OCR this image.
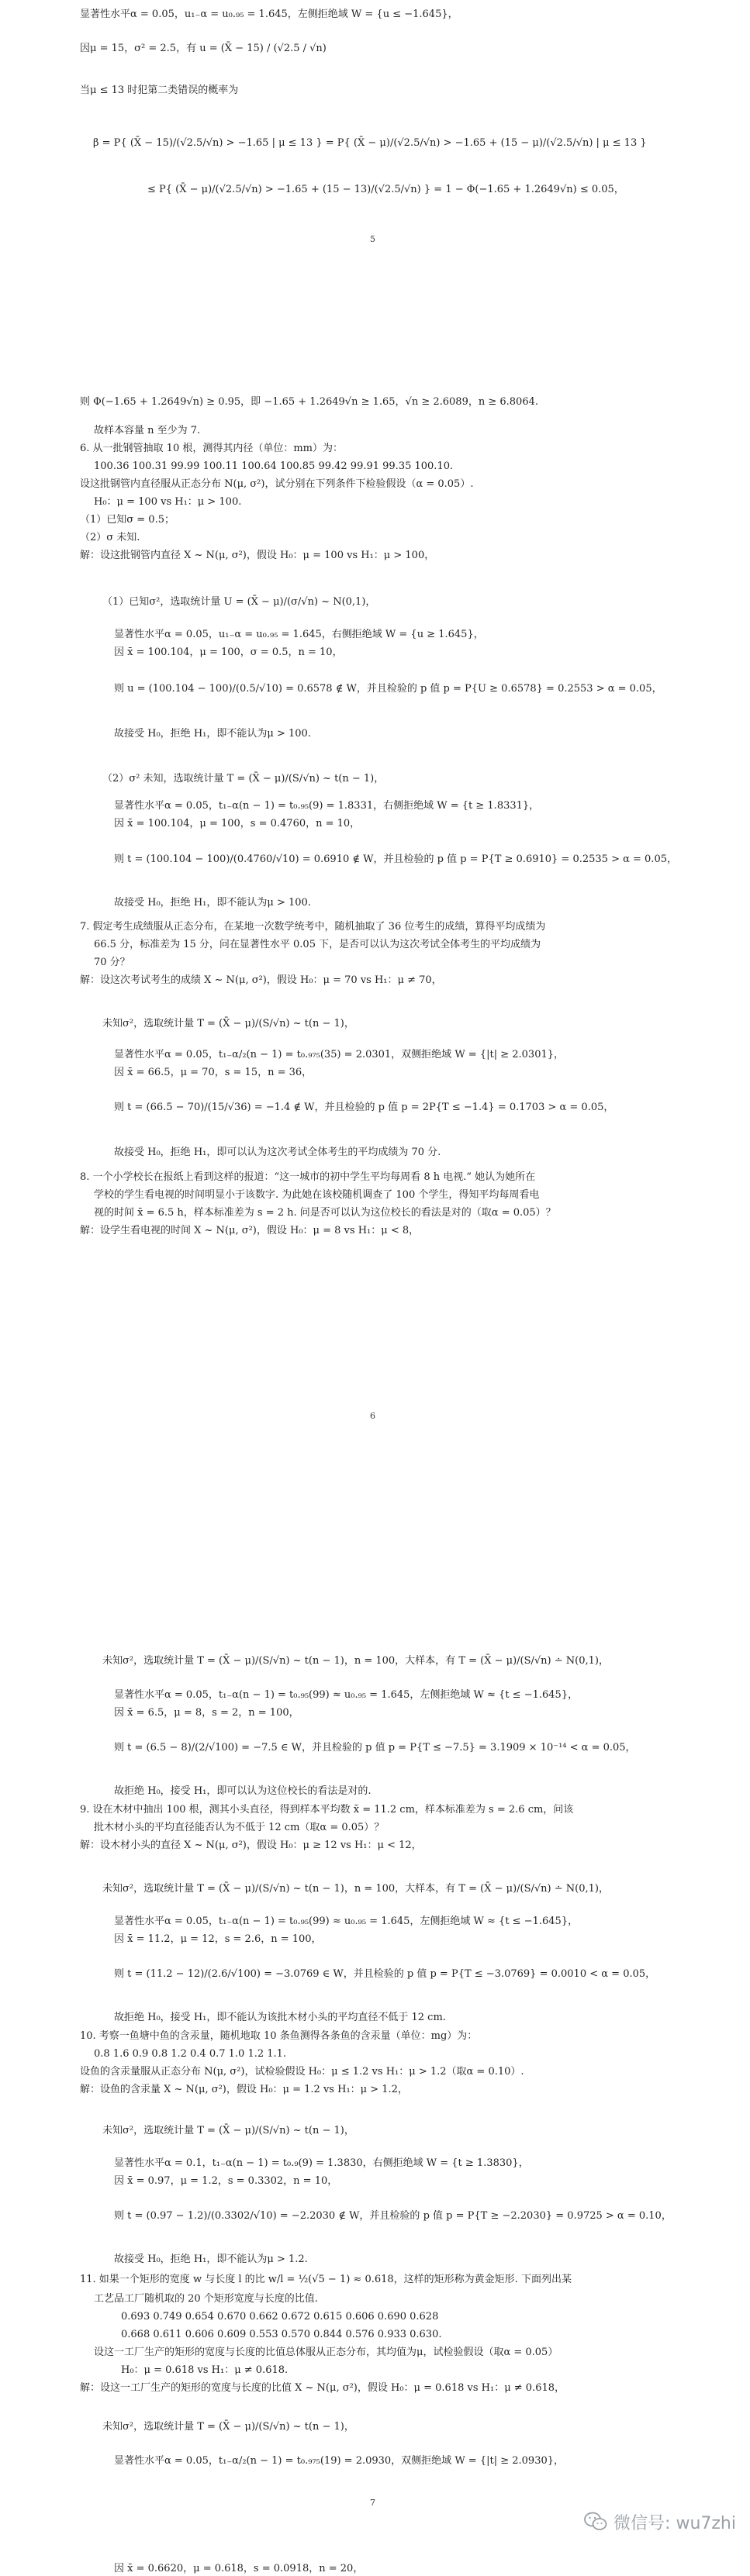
显著性水平α = 0.05，u₁₋α = u₀.₉₅ = 1.645，左侧拒绝域 W = {u ≤ −1.645}，
因μ = 15，σ² = 2.5，有 u = (X̄ − 15) / (√2.5 / √n)
当μ ≤ 13 时犯第二类错误的概率为
β = P{ (X̄ − 15)/(√2.5/√n) > −1.65 | μ ≤ 13 } = P{ (X̄ − μ)/(√2.5/√n) > −1.65 + (15 − μ)/(√2.5/√n) | μ ≤ 13 }
≤ P{ (X̄ − μ)/(√2.5/√n) > −1.65 + (15 − 13)/(√2.5/√n) } = 1 − Φ(−1.65 + 1.2649√n) ≤ 0.05，
5
则 Φ(−1.65 + 1.2649√n) ≥ 0.95，即 −1.65 + 1.2649√n ≥ 1.65，√n ≥ 2.6089，n ≥ 6.8064.
故样本容量 n 至少为 7.
6. 从一批钢管抽取 10 根，测得其内径（单位：mm）为：
100.36 100.31 99.99 100.11 100.64 100.85 99.42 99.91 99.35 100.10.
设这批钢管内直径服从正态分布 N(μ, σ²)，试分别在下列条件下检验假设（α = 0.05）.
H₀：μ = 100 vs H₁：μ > 100.
（1）已知σ = 0.5；
（2）σ 未知.
解：设这批钢管内直径 X ~ N(μ, σ²)，假设 H₀：μ = 100 vs H₁：μ > 100，
（1）已知σ²，选取统计量 U = (X̄ − μ)/(σ/√n) ~ N(0,1)，
显著性水平α = 0.05，u₁₋α = u₀.₉₅ = 1.645，右侧拒绝域 W = {u ≥ 1.645}，
因 x̄ = 100.104，μ = 100，σ = 0.5，n = 10，
则 u = (100.104 − 100)/(0.5/√10) = 0.6578 ∉ W，并且检验的 p 值 p = P{U ≥ 0.6578} = 0.2553 > α = 0.05，
故接受 H₀，拒绝 H₁，即不能认为μ > 100.
（2）σ² 未知，选取统计量 T = (X̄ − μ)/(S/√n) ~ t(n − 1)，
显著性水平α = 0.05，t₁₋α(n − 1) = t₀.₉₅(9) = 1.8331，右侧拒绝域 W = {t ≥ 1.8331}，
因 x̄ = 100.104，μ = 100，s = 0.4760，n = 10，
则 t = (100.104 − 100)/(0.4760/√10) = 0.6910 ∉ W，并且检验的 p 值 p = P{T ≥ 0.6910} = 0.2535 > α = 0.05，
故接受 H₀，拒绝 H₁，即不能认为μ > 100.
7. 假定考生成绩服从正态分布，在某地一次数学统考中，随机抽取了 36 位考生的成绩，算得平均成绩为
66.5 分，标准差为 15 分，问在显著性水平 0.05 下，是否可以认为这次考试全体考生的平均成绩为
70 分？
解：设这次考试考生的成绩 X ~ N(μ, σ²)，假设 H₀：μ = 70 vs H₁：μ ≠ 70，
未知σ²，选取统计量 T = (X̄ − μ)/(S/√n) ~ t(n − 1)，
显著性水平α = 0.05，t₁₋α/₂(n − 1) = t₀.₉₇₅(35) = 2.0301，双侧拒绝域 W = {|t| ≥ 2.0301}，
因 x̄ = 66.5，μ = 70，s = 15，n = 36，
则 t = (66.5 − 70)/(15/√36) = −1.4 ∉ W，并且检验的 p 值 p = 2P{T ≤ −1.4} = 0.1703 > α = 0.05，
故接受 H₀，拒绝 H₁，即可以认为这次考试全体考生的平均成绩为 70 分.
8. 一个小学校长在报纸上看到这样的报道：“这一城市的初中学生平均每周看 8 h 电视.” 她认为她所在
学校的学生看电视的时间明显小于该数字. 为此她在该校随机调查了 100 个学生，得知平均每周看电
视的时间 x̄ = 6.5 h，样本标准差为 s = 2 h. 问是否可以认为这位校长的看法是对的（取α = 0.05）？
解：设学生看电视的时间 X ~ N(μ, σ²)，假设 H₀：μ = 8 vs H₁：μ < 8，
6
未知σ²，选取统计量 T = (X̄ − μ)/(S/√n) ~ t(n − 1)，n = 100，大样本，有 T = (X̄ − μ)/(S/√n) ∸ N(0,1)，
显著性水平α = 0.05，t₁₋α(n − 1) = t₀.₉₅(99) ≈ u₀.₉₅ = 1.645，左侧拒绝域 W ≈ {t ≤ −1.645}，
因 x̄ = 6.5，μ = 8，s = 2，n = 100，
则 t = (6.5 − 8)/(2/√100) = −7.5 ∈ W，并且检验的 p 值 p = P{T ≤ −7.5} = 3.1909 × 10⁻¹⁴ < α = 0.05，
故拒绝 H₀，接受 H₁，即可以认为这位校长的看法是对的.
9. 设在木材中抽出 100 根，测其小头直径，得到样本平均数 x̄ = 11.2 cm，样本标准差为 s = 2.6 cm，问该
批木材小头的平均直径能否认为不低于 12 cm（取α = 0.05）？
解：设木材小头的直径 X ~ N(μ, σ²)，假设 H₀：μ ≥ 12 vs H₁：μ < 12，
未知σ²，选取统计量 T = (X̄ − μ)/(S/√n) ~ t(n − 1)，n = 100，大样本，有 T = (X̄ − μ)/(S/√n) ∸ N(0,1)，
显著性水平α = 0.05，t₁₋α(n − 1) = t₀.₉₅(99) ≈ u₀.₉₅ = 1.645，左侧拒绝域 W ≈ {t ≤ −1.645}，
因 x̄ = 11.2，μ = 12，s = 2.6，n = 100，
则 t = (11.2 − 12)/(2.6/√100) = −3.0769 ∈ W，并且检验的 p 值 p = P{T ≤ −3.0769} = 0.0010 < α = 0.05，
故拒绝 H₀，接受 H₁，即不能认为该批木材小头的平均直径不低于 12 cm.
10. 考察一鱼塘中鱼的含汞量，随机地取 10 条鱼测得各条鱼的含汞量（单位：mg）为：
0.8 1.6 0.9 0.8 1.2 0.4 0.7 1.0 1.2 1.1.
设鱼的含汞量服从正态分布 N(μ, σ²)，试检验假设 H₀：μ ≤ 1.2 vs H₁：μ > 1.2（取α = 0.10）.
解：设鱼的含汞量 X ~ N(μ, σ²)，假设 H₀：μ = 1.2 vs H₁：μ > 1.2，
未知σ²，选取统计量 T = (X̄ − μ)/(S/√n) ~ t(n − 1)，
显著性水平α = 0.1，t₁₋α(n − 1) = t₀.₉(9) = 1.3830，右侧拒绝域 W = {t ≥ 1.3830}，
因 x̄ = 0.97，μ = 1.2，s = 0.3302，n = 10，
则 t = (0.97 − 1.2)/(0.3302/√10) = −2.2030 ∉ W，并且检验的 p 值 p = P{T ≥ −2.2030} = 0.9725 > α = 0.10，
故接受 H₀，拒绝 H₁，即不能认为μ > 1.2.
11. 如果一个矩形的宽度 w 与长度 l 的比 w/l = ½(√5 − 1) ≈ 0.618，这样的矩形称为黄金矩形. 下面列出某
工艺品工厂随机取的 20 个矩形宽度与长度的比值.
0.693 0.749 0.654 0.670 0.662 0.672 0.615 0.606 0.690 0.628
0.668 0.611 0.606 0.609 0.553 0.570 0.844 0.576 0.933 0.630.
设这一工厂生产的矩形的宽度与长度的比值总体服从正态分布，其均值为μ，试检验假设（取α = 0.05）
H₀：μ = 0.618 vs H₁：μ ≠ 0.618.
解：设这一工厂生产的矩形的宽度与长度的比值 X ~ N(μ, σ²)，假设 H₀：μ = 0.618 vs H₁：μ ≠ 0.618，
未知σ²，选取统计量 T = (X̄ − μ)/(S/√n) ~ t(n − 1)，
显著性水平α = 0.05，t₁₋α/₂(n − 1) = t₀.₉₇₅(19) = 2.0930，双侧拒绝域 W = {|t| ≥ 2.0930}，
7
因 x̄ = 0.6620，μ = 0.618，s = 0.0918，n = 20，
微信号: wu7zhi
